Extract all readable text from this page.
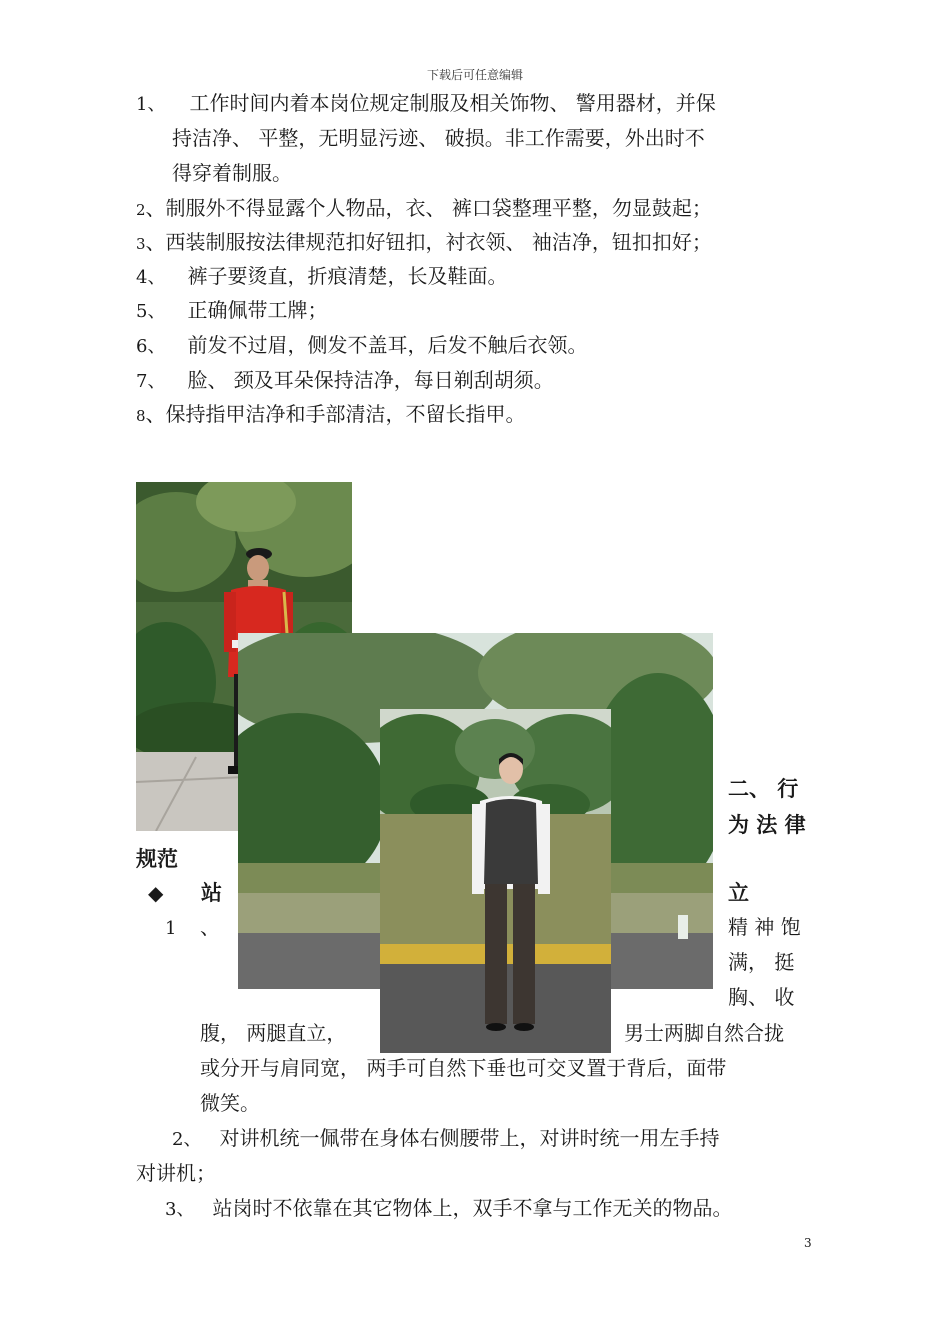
下载后可任意编辑
1、 工作时间内着本岗位规定制服及相关饰物、 警用器材，并保
持洁净、 平整，无明显污迹、 破损。非工作需要，外出时不
得穿着制服。
2、制服外不得显露个人物品，衣、 裤口袋整理平整，勿显鼓起；
3、西装制服按法律规范扣好钮扣，衬衣领、 袖洁净，钮扣扣好；
4、 裤子要烫直，折痕清楚，长及鞋面。
5、 正确佩带工牌；
6、 前发不过眉，侧发不盖耳，后发不触后衣领。
7、 脸、 颈及耳朵保持洁净，每日剃刮胡须。
8、保持指甲洁净和手部清洁，不留长指甲。
二、 行
为 法 律
规范
◆ 站	立
1 、	精 神 饱
满， 挺
胸、 收
腹， 两腿直立，	男士两脚自然合拢
或分开与肩同宽， 两手可自然下垂也可交叉置于背后，面带
微笑。
2、 对讲机统一佩带在身体右侧腰带上，对讲时统一用左手持
对讲机；
3、 站岗时不依靠在其它物体上，双手不拿与工作无关的物品。
3
